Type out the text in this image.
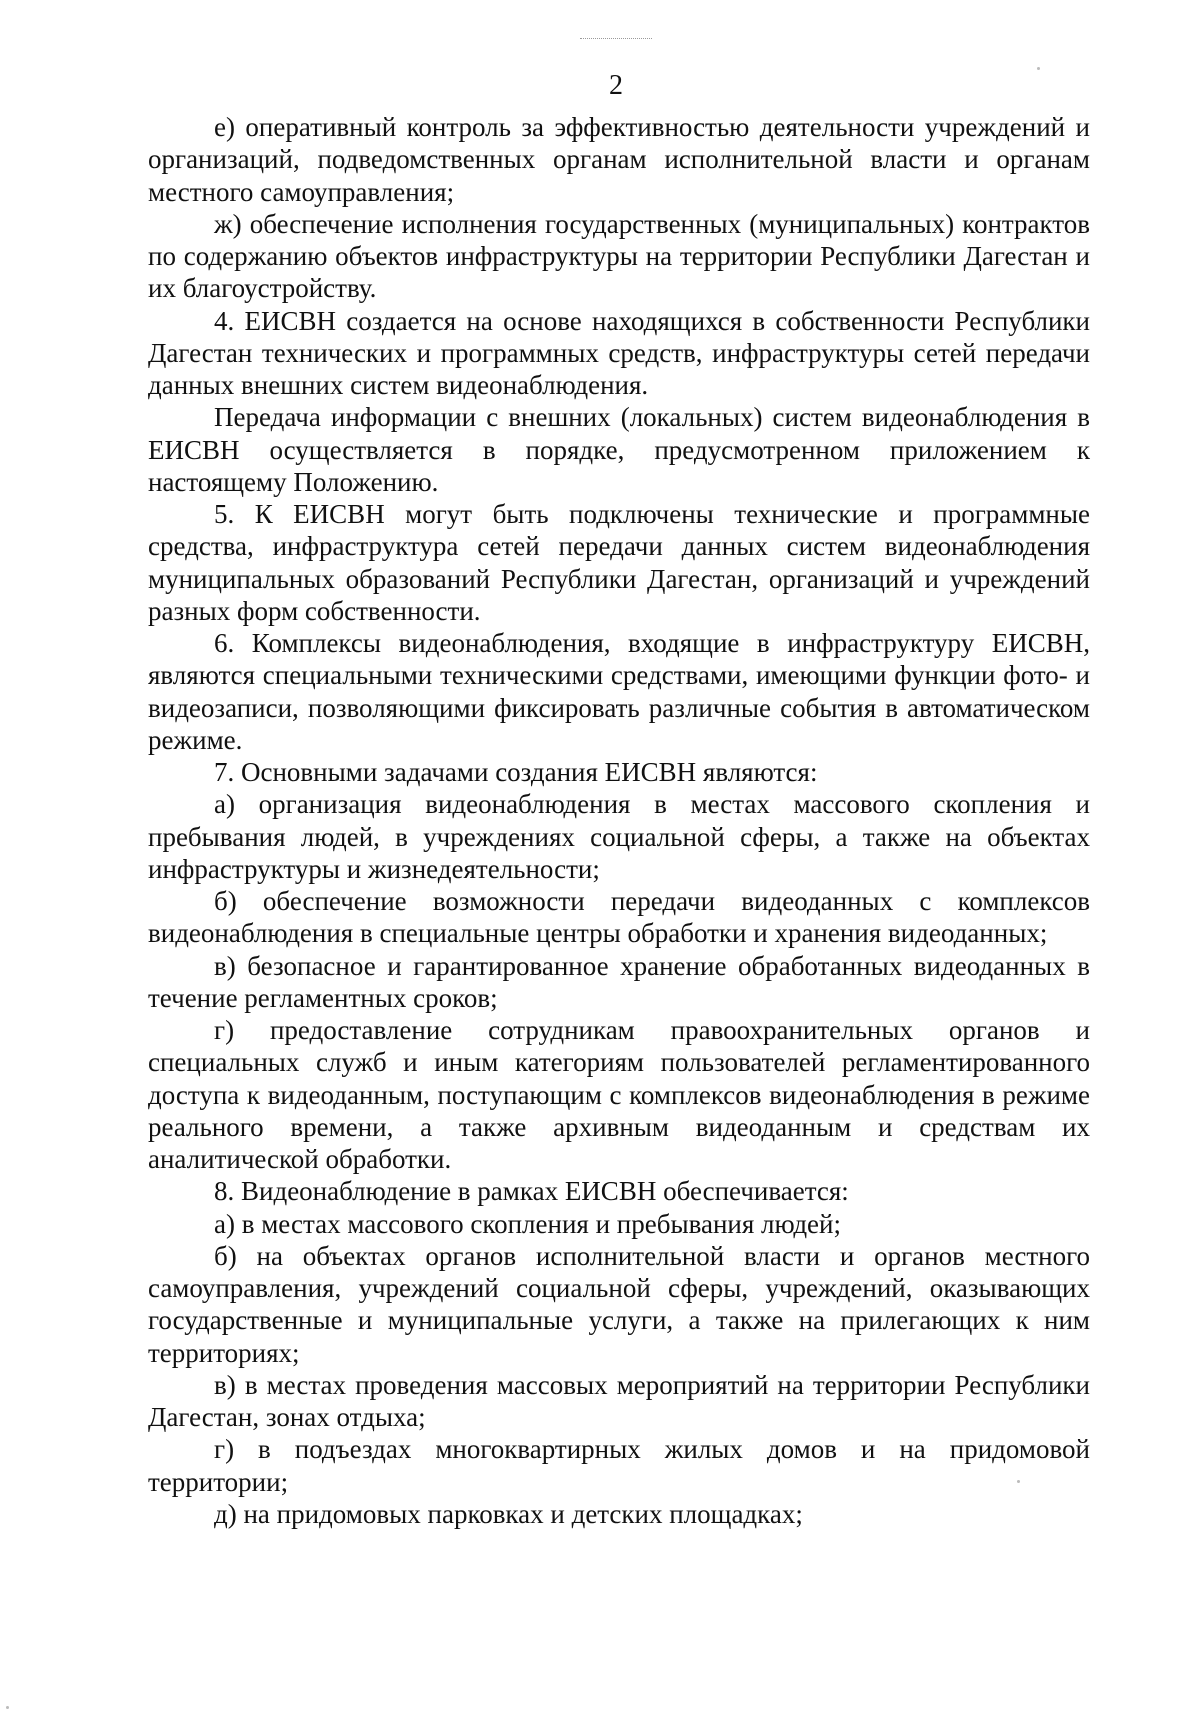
2

е) оперативный контроль за эффективностью деятельности учреждений и организаций, подведомственных органам исполнительной власти и органам местного самоуправления;

ж) обеспечение исполнения государственных (муниципальных) контрактов по содержанию объектов инфраструктуры на территории Республики Дагестан и их благоустройству.

4. ЕИСВН создается на основе находящихся в собственности Республики Дагестан технических и программных средств, инфраструктуры сетей передачи данных внешних систем видеонаблюдения.

Передача информации с внешних (локальных) систем видеонаблюдения в ЕИСВН осуществляется в порядке, предусмотренном приложением к настоящему Положению.

5. К ЕИСВН могут быть подключены технические и программные средства, инфраструктура сетей передачи данных систем видеонаблюдения муниципальных образований Республики Дагестан, организаций и учреждений разных форм собственности.

6. Комплексы видеонаблюдения, входящие в инфраструктуру ЕИСВН, являются специальными техническими средствами, имеющими функции фото- и видеозаписи, позволяющими фиксировать различные события в автоматическом режиме.

7. Основными задачами создания ЕИСВН являются:

а) организация видеонаблюдения в местах массового скопления и пребывания людей, в учреждениях социальной сферы, а также на объектах инфраструктуры и жизнедеятельности;

б) обеспечение возможности передачи видеоданных с комплексов видеонаблюдения в специальные центры обработки и хранения видеоданных;

в) безопасное и гарантированное хранение обработанных видеоданных в течение регламентных сроков;

г) предоставление сотрудникам правоохранительных органов и специальных служб и иным категориям пользователей регламентированного доступа к видеоданным, поступающим с комплексов видеонаблюдения в режиме реального времени, а также архивным видеоданным и средствам их аналитической обработки.

8. Видеонаблюдение в рамках ЕИСВН обеспечивается:

а) в местах массового скопления и пребывания людей;

б) на объектах органов исполнительной власти и органов местного самоуправления, учреждений социальной сферы, учреждений, оказывающих государственные и муниципальные услуги, а также на прилегающих к ним территориях;

в) в местах проведения массовых мероприятий на территории Республики Дагестан, зонах отдыха;

г) в подъездах многоквартирных жилых домов и на придомовой территории;

д) на придомовых парковках и детских площадках;
